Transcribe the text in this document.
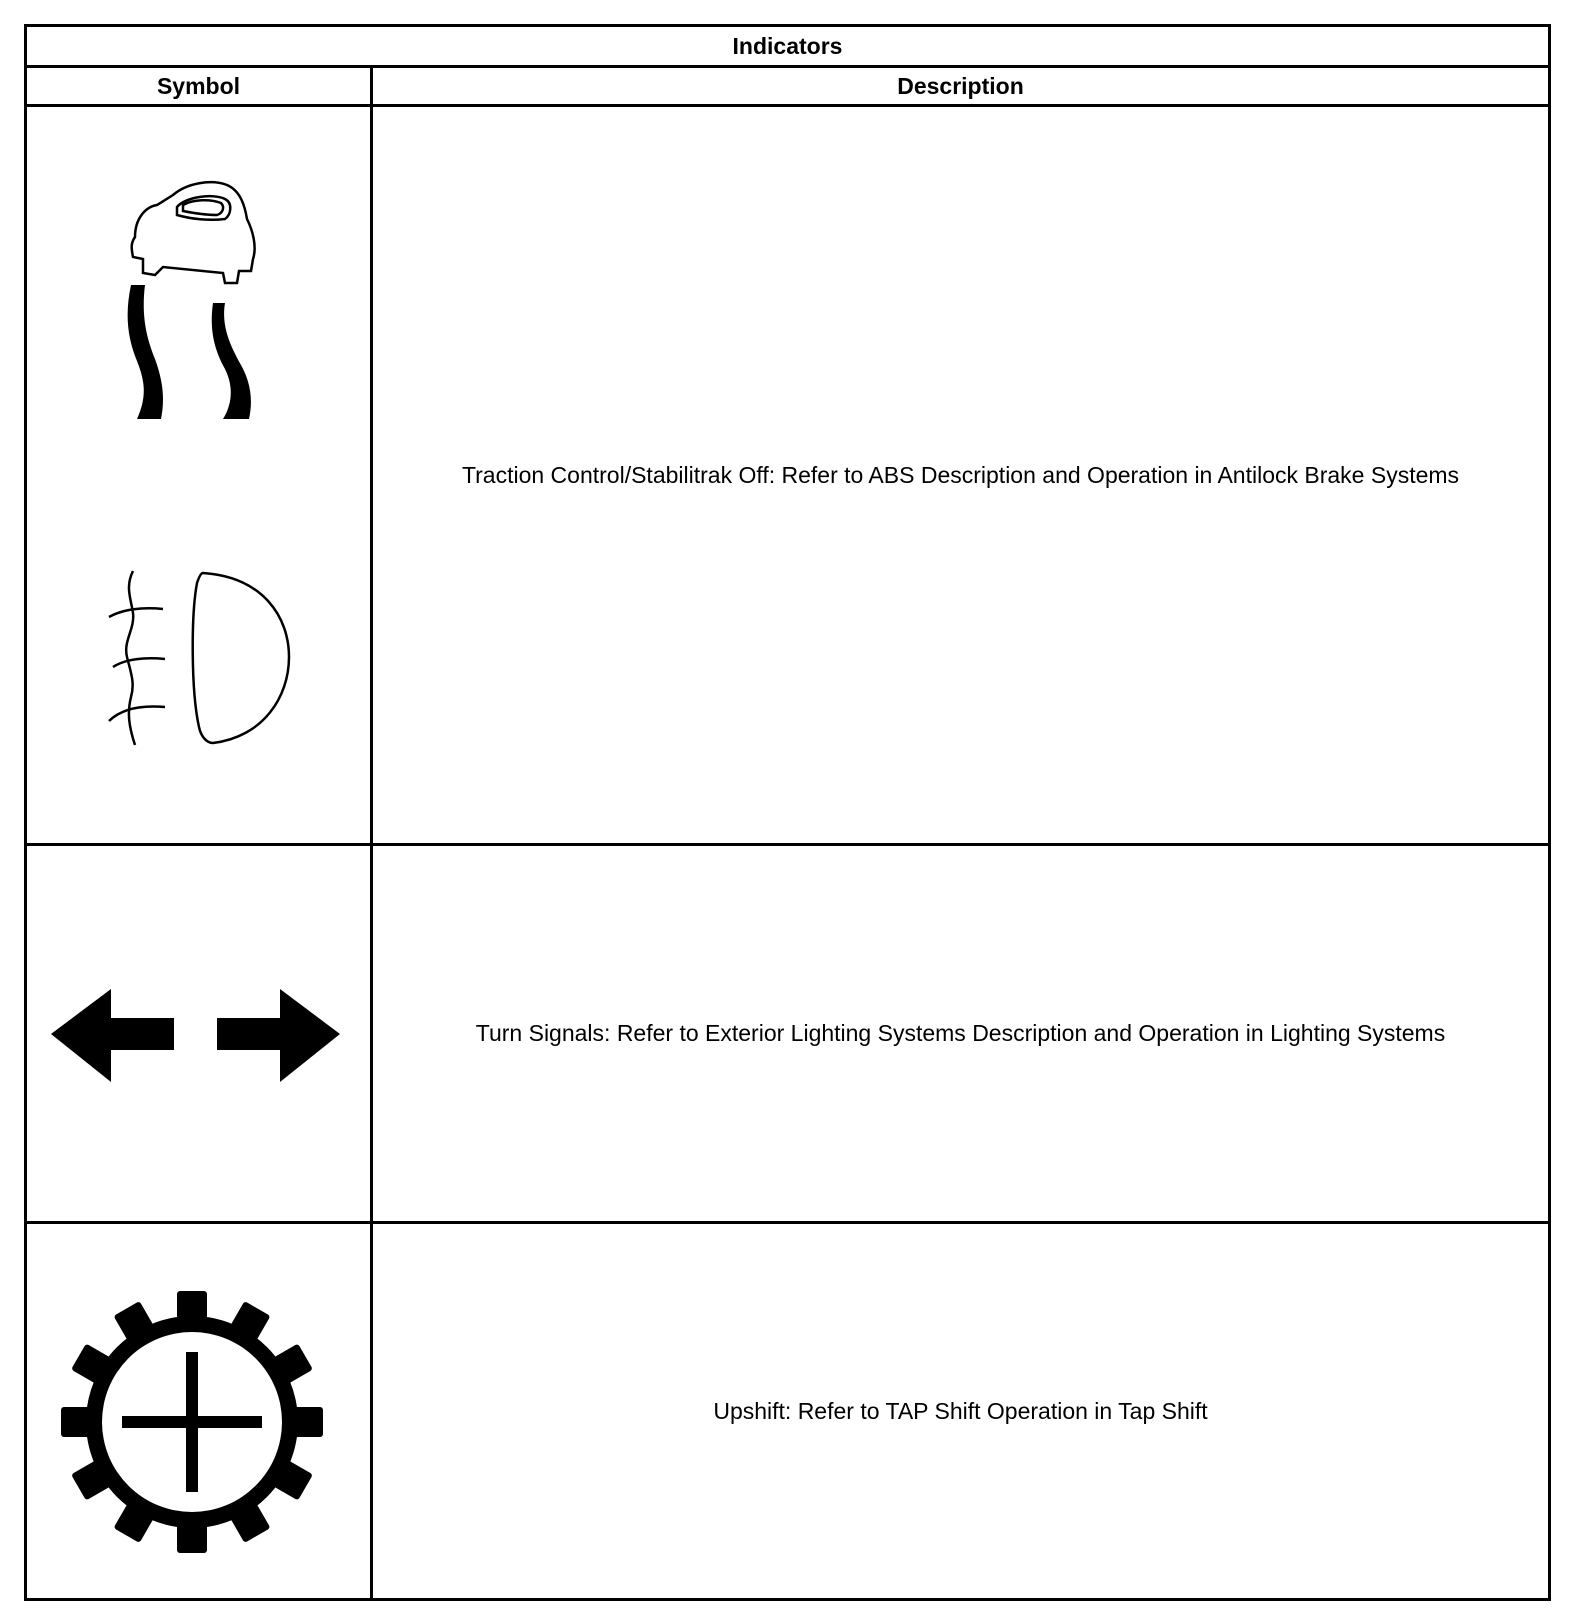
Indicators	
Symbol	Description

	Traction Control/Stabilitrak Off: Refer to ABS Description and Operation in Antilock Brake Systems

	Turn Signals: Refer to Exterior Lighting Systems Description and Operation in Lighting Systems

	Upshift: Refer to TAP Shift Operation in Tap Shift
